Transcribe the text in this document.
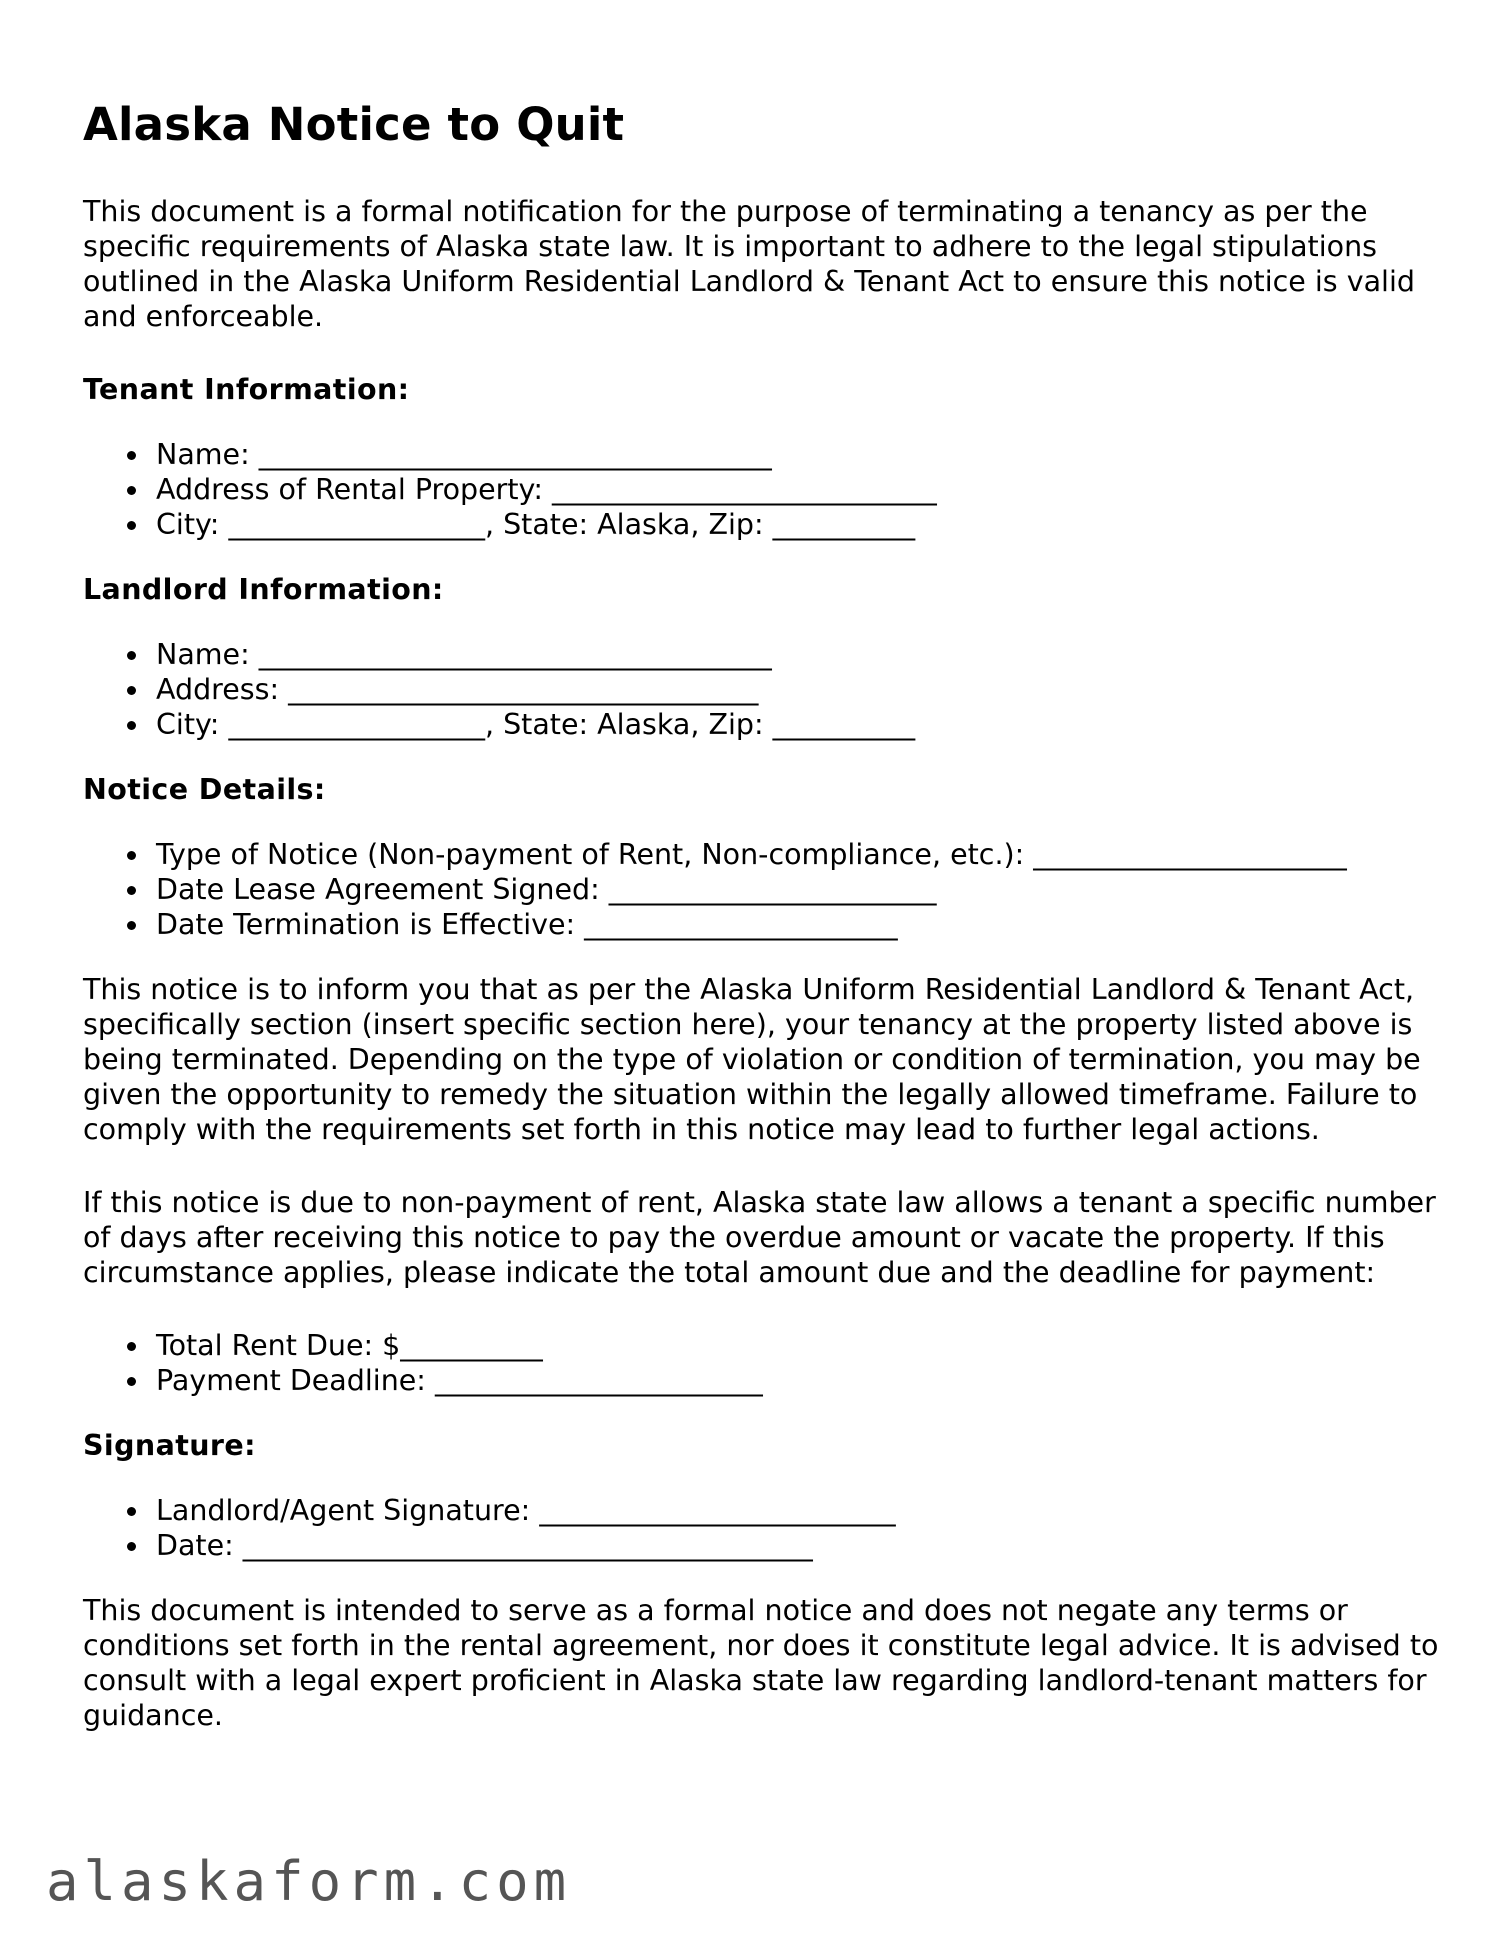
Alaska Notice to Quit

This document is a formal notification for the purpose of terminating a tenancy as per the specific requirements of Alaska state law. It is important to adhere to the legal stipulations outlined in the Alaska Uniform Residential Landlord & Tenant Act to ensure this notice is valid and enforceable.

Tenant Information:
Name: ____________________________________
Address of Rental Property: ___________________________
City: __________________, State: Alaska, Zip: __________
Landlord Information:
Name: ____________________________________
Address: _________________________________
City: __________________, State: Alaska, Zip: __________
Notice Details:
Type of Notice (Non-payment of Rent, Non-compliance, etc.): ______________________
Date Lease Agreement Signed: _______________________
Date Termination is Effective: ______________________

This notice is to inform you that as per the Alaska Uniform Residential Landlord & Tenant Act, specifically section (insert specific section here), your tenancy at the property listed above is being terminated. Depending on the type of violation or condition of termination, you may be given the opportunity to remedy the situation within the legally allowed timeframe. Failure to comply with the requirements set forth in this notice may lead to further legal actions.

If this notice is due to non-payment of rent, Alaska state law allows a tenant a specific number of days after receiving this notice to pay the overdue amount or vacate the property. If this circumstance applies, please indicate the total amount due and the deadline for payment:

Total Rent Due: $__________
Payment Deadline: _______________________
Signature:
Landlord/Agent Signature: _________________________
Date: ________________________________________

This document is intended to serve as a formal notice and does not negate any terms or conditions set forth in the rental agreement, nor does it constitute legal advice. It is advised to consult with a legal expert proficient in Alaska state law regarding landlord-tenant matters for guidance.

alaskaform.com
